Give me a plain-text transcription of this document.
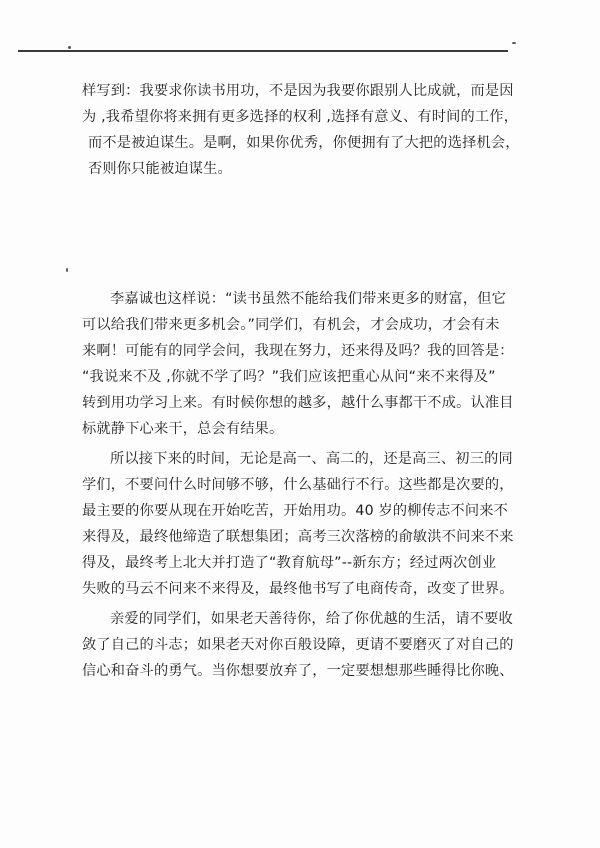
样写到：我要求你读书用功，不是因为我要你跟别人比成就，而是因

为 ,我希望你将来拥有更多选择的权利 ,选择有意义、有时间的工作，

而不是被迫谋生。是啊，如果你优秀，你便拥有了大把的选择机会，

否则你只能被迫谋生。

李嘉诚也这样说：“读书虽然不能给我们带来更多的财富，但它

可以给我们带来更多机会。”同学们，有机会，才会成功，才会有未

来啊！可能有的同学会问，我现在努力，还来得及吗？我的回答是：

“我说来不及 ,你就不学了吗？”我们应该把重心从问“来不来得及”

转到用功学习上来。有时候你想的越多，越什么事都干不成。认准目

标就静下心来干，总会有结果。

所以接下来的时间，无论是高一、高二的，还是高三、初三的同

学们，不要问什么时间够不够，什么基础行不行。这些都是次要的，

最主要的你要从现在开始吃苦，开始用功。40 岁的柳传志不问来不

来得及，最终他缔造了联想集团；高考三次落榜的俞敏洪不问来不来

得及，最终考上北大并打造了“教育航母”--新东方；经过两次创业

失败的马云不问来不来得及，最终他书写了电商传奇，改变了世界。

亲爱的同学们，如果老天善待你，给了你优越的生活，请不要收

敛了自己的斗志；如果老天对你百般设障，更请不要磨灭了对自己的

信心和奋斗的勇气。当你想要放弃了，一定要想想那些睡得比你晚、
